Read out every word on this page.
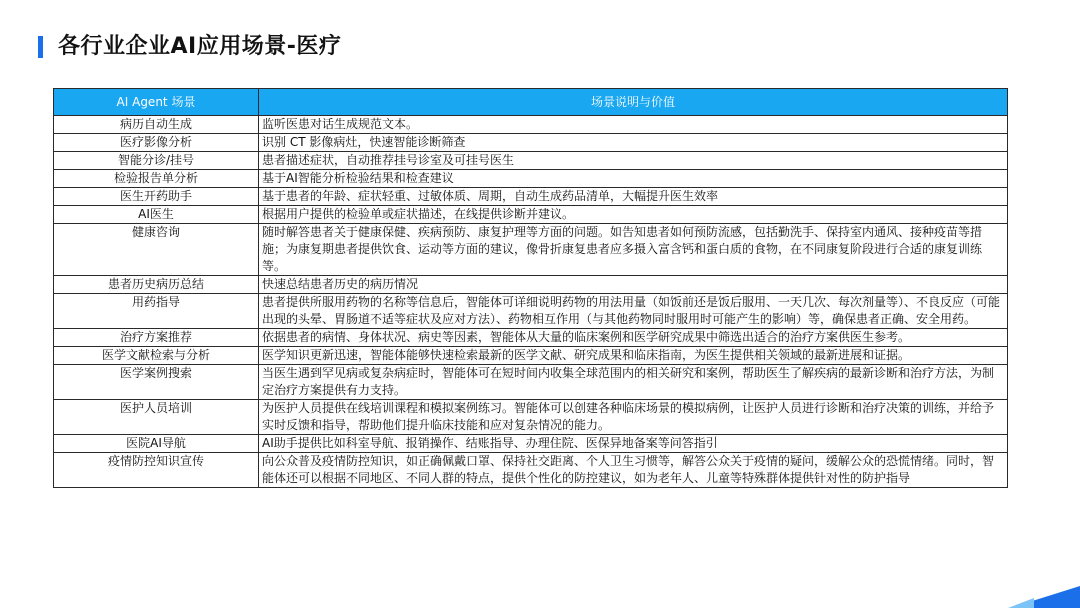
各行业企业AI应用场景-医疗
AI Agent 场景	场景说明与价值
病历自动生成	监听医患对话生成规范文本。
医疗影像分析	识别 CT 影像病灶，快速智能诊断筛查
智能分诊/挂号	患者描述症状，自动推荐挂号诊室及可挂号医生
检验报告单分析	基于AI智能分析检验结果和检查建议
医生开药助手	基于患者的年龄、症状轻重、过敏体质、周期，自动生成药品清单，大幅提升医生效率
AI医生	根据用户提供的检验单或症状描述，在线提供诊断并建议。
健康咨询	随时解答患者关于健康保健、疾病预防、康复护理等方面的问题。如告知患者如何预防流感，包括勤洗手、保持室内通风、接种疫苗等措施；为康复期患者提供饮食、运动等方面的建议，像骨折康复患者应多摄入富含钙和蛋白质的食物，在不同康复阶段进行合适的康复训练等。
患者历史病历总结	快速总结患者历史的病历情况
用药指导	患者提供所服用药物的名称等信息后，智能体可详细说明药物的用法用量（如饭前还是饭后服用、一天几次、每次剂量等）、不良反应（可能出现的头晕、胃肠道不适等症状及应对方法）、药物相互作用（与其他药物同时服用时可能产生的影响）等，确保患者正确、安全用药。
治疗方案推荐	依据患者的病情、身体状况、病史等因素，智能体从大量的临床案例和医学研究成果中筛选出适合的治疗方案供医生参考。
医学文献检索与分析	医学知识更新迅速，智能体能够快速检索最新的医学文献、研究成果和临床指南，为医生提供相关领域的最新进展和证据。
医学案例搜索	当医生遇到罕见病或复杂病症时，智能体可在短时间内收集全球范围内的相关研究和案例，帮助医生了解疾病的最新诊断和治疗方法，为制定治疗方案提供有力支持。
医护人员培训	为医护人员提供在线培训课程和模拟案例练习。智能体可以创建各种临床场景的模拟病例，让医护人员进行诊断和治疗决策的训练，并给予实时反馈和指导，帮助他们提升临床技能和应对复杂情况的能力。
医院AI导航	AI助手提供比如科室导航、报销操作、结账指导、办理住院、医保异地备案等问答指引
疫情防控知识宣传	向公众普及疫情防控知识，如正确佩戴口罩、保持社交距离、个人卫生习惯等，解答公众关于疫情的疑问，缓解公众的恐慌情绪。同时，智能体还可以根据不同地区、不同人群的特点，提供个性化的防控建议，如为老年人、儿童等特殊群体提供针对性的防护指导
